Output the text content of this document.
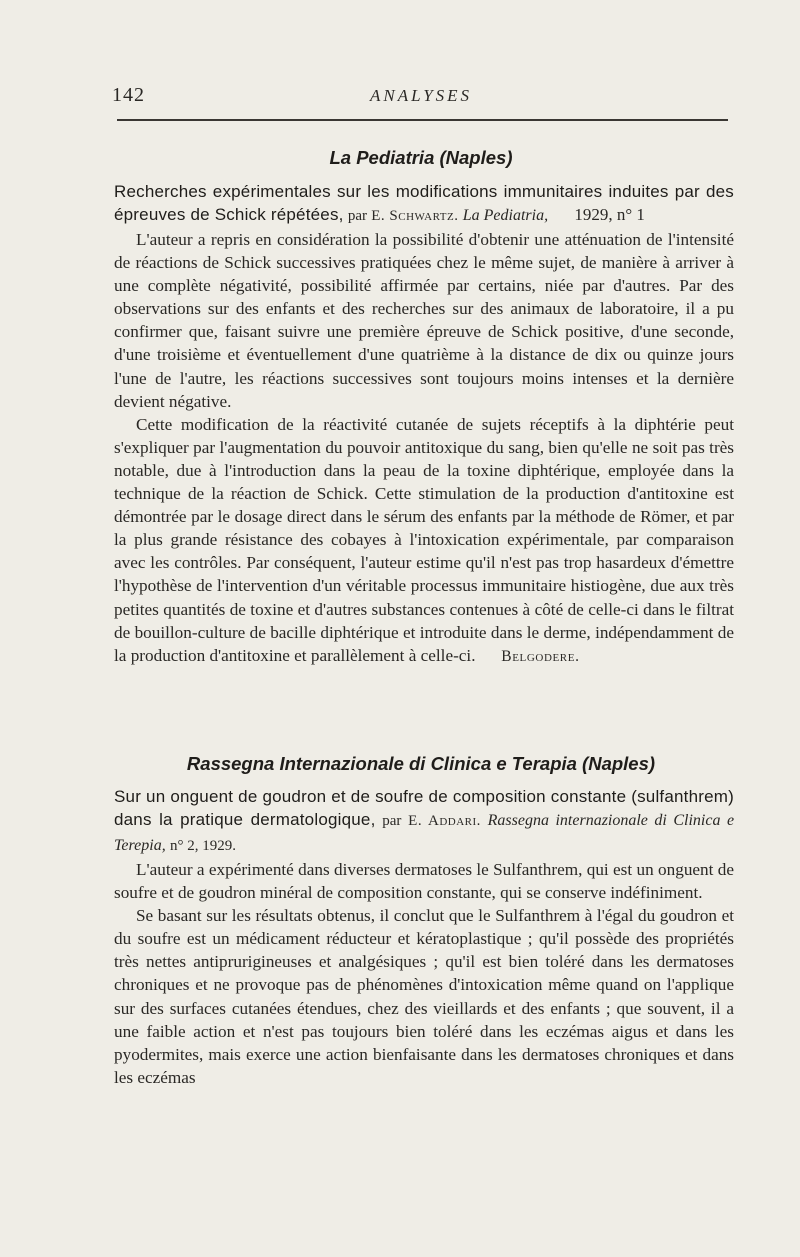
142	ANALYSES
La Pediatria (Naples)

Recherches expérimentales sur les modifications immunitaires induites par des épreuves de Schick répétées, par E. Schwartz. La Pediatria, 1929, n° 1

L'auteur a repris en considération la possibilité d'obtenir une atténuation de l'intensité de réactions de Schick successives pratiquées chez le même sujet, de manière à arriver à une complète négativité, possibilité affirmée par certains, niée par d'autres. Par des observations sur des enfants et des recherches sur des animaux de laboratoire, il a pu confirmer que, faisant suivre une première épreuve de Schick positive, d'une seconde, d'une troisième et éventuellement d'une quatrième à la distance de dix ou quinze jours l'une de l'autre, les réactions successives sont toujours moins intenses et la dernière devient négative.

Cette modification de la réactivité cutanée de sujets réceptifs à la diphtérie peut s'expliquer par l'augmentation du pouvoir antitoxique du sang, bien qu'elle ne soit pas très notable, due à l'introduction dans la peau de la toxine diphtérique, employée dans la technique de la réaction de Schick. Cette stimulation de la production d'antitoxine est démontrée par le dosage direct dans le sérum des enfants par la méthode de Römer, et par la plus grande résistance des cobayes à l'intoxication expérimentale, par comparaison avec les contrôles. Par conséquent, l'auteur estime qu'il n'est pas trop hasardeux d'émettre l'hypothèse de l'intervention d'un véritable processus immunitaire histiogène, due aux très petites quantités de toxine et d'autres substances contenues à côté de celle-ci dans le filtrat de bouillon-culture de bacille diphtérique et introduite dans le derme, indépendamment de la production d'antitoxine et parallèlement à celle-ci. Belgodere.

Rassegna Internazionale di Clinica e Terapia (Naples)

Sur un onguent de goudron et de soufre de composition constante (sulfanthrem) dans la pratique dermatologique, par E. Addari. Rassegna internazionale di Clinica e Terepia, n° 2, 1929.

L'auteur a expérimenté dans diverses dermatoses le Sulfanthrem, qui est un onguent de soufre et de goudron minéral de composition constante, qui se conserve indéfiniment.

Se basant sur les résultats obtenus, il conclut que le Sulfanthrem à l'égal du goudron et du soufre est un médicament réducteur et kératoplastique ; qu'il possède des propriétés très nettes antiprurigineuses et analgésiques ; qu'il est bien toléré dans les dermatoses chroniques et ne provoque pas de phénomènes d'intoxication même quand on l'applique sur des surfaces cutanées étendues, chez des vieillards et des enfants ; que souvent, il a une faible action et n'est pas toujours bien toléré dans les eczémas aigus et dans les pyodermites, mais exerce une action bienfaisante dans les dermatoses chroniques et dans les eczémas
